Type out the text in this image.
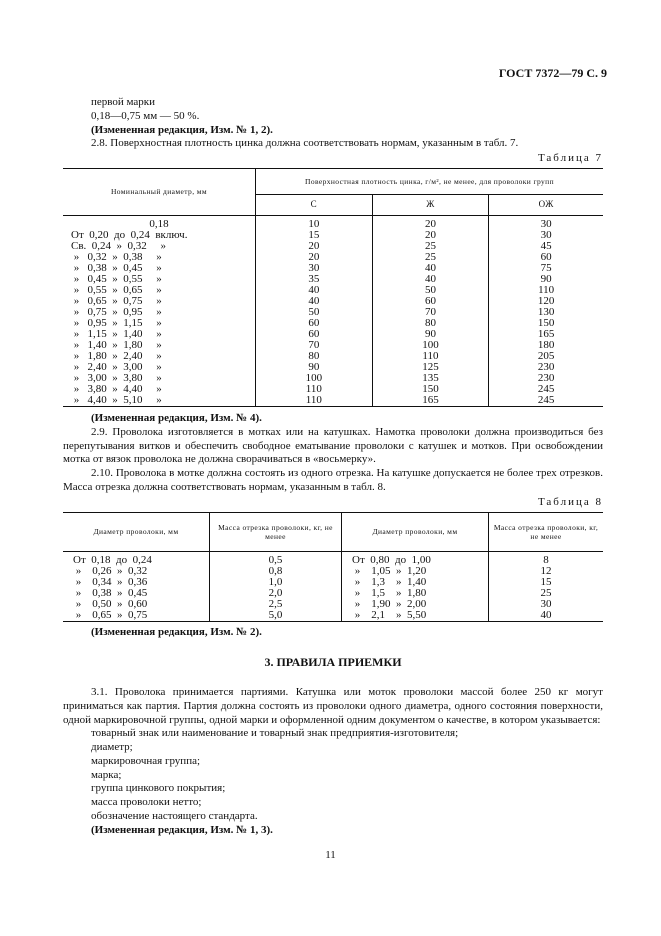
ГОСТ 7372—79 С. 9

первой марки

0,18—0,75 мм — 50 %.

(Измененная редакция, Изм. № 1, 2).

2.8. Поверхностная плотность цинка должна соответствовать нормам, указанным в табл. 7.

Таблица 7

Номинальный диаметр, мм	Поверхностная плотность цинка, г/м², не менее, для проволоки групп		
	С	Ж	ОЖ
0,18	10	20	30
От  0,20  до  0,24  включ.	15	20	30
Св.  0,24  »  0,32     »	20	25	45
»   0,32  »  0,38     »	20	25	60
»   0,38  »  0,45     »	30	40	75
»   0,45  »  0,55     »	35	40	90
»   0,55  »  0,65     »	40	50	110
»   0,65  »  0,75     »	40	60	120
»   0,75  »  0,95     »	50	70	130
»   0,95  »  1,15     »	60	80	150
»   1,15  »  1,40     »	60	90	165
»   1,40  »  1,80     »	70	100	180
»   1,80  »  2,40     »	80	110	205
»   2,40  »  3,00     »	90	125	230
»   3,00  »  3,80     »	100	135	230
»   3,80  »  4,40     »	110	150	245
»   4,40  »  5,10     »	110	165	245

(Измененная редакция, Изм. № 4).

2.9. Проволока изготовляется в мотках или на катушках. Намотка проволоки должна производиться без перепутывания витков и обеспечить свободное ематывание проволоки с катушек и мотков. При освобождении мотка от вязок проволока не должна сворачиваться в «восьмерку».

2.10. Проволока в мотке должна состоять из одного отрезка. На катушке допускается не более трех отрезков. Масса отрезка должна соответствовать нормам, указанным в табл. 8.

Таблица 8

Диаметр проволоки, мм	Масса отрезка проволоки, кг, не менее	Диаметр проволоки, мм	Масса отрезка проволоки, кг, не менее
От  0,18  до  0,24	0,5	От  0,80  до  1,00	8
»    0,26  »  0,32	0,8	»    1,05  »  1,20	12
»    0,34  »  0,36	1,0	»    1,3    »  1,40	15
»    0,38  »  0,45	2,0	»    1,5    »  1,80	25
»    0,50  »  0,60	2,5	»    1,90  »  2,00	30
»    0,65  »  0,75	5,0	»    2,1    »  5,50	40

(Измененная редакция, Изм. № 2).

3. ПРАВИЛА ПРИЕМКИ

3.1. Проволока принимается партиями. Катушка или моток проволоки массой более 250 кг могут приниматься как партия. Партия должна состоять из проволоки одного диаметра, одного состояния поверхности, одной маркировочной группы, одной марки и оформленной одним документом о качестве, в котором указывается:

товарный знак или наименование и товарный знак предприятия-изготовителя;

диаметр;

маркировочная группа;

марка;

группа цинкового покрытия;

масса проволоки нетто;

обозначение настоящего стандарта.

(Измененная редакция, Изм. № 1, 3).

11
